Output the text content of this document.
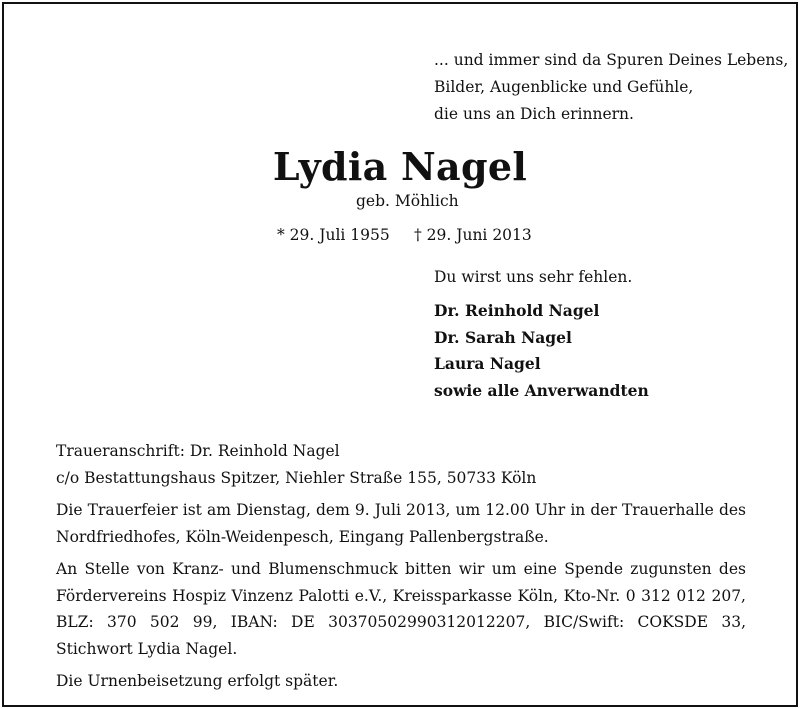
... und immer sind da Spuren Deines Lebens,
Bilder, Augenblicke und Gefühle,
die uns an Dich erinnern.
Lydia Nagel
geb. Möhlich
* 29. Juli 1955 † 29. Juni 2013
Du wirst uns sehr fehlen.
Dr. Reinhold Nagel
Dr. Sarah Nagel
Laura Nagel
sowie alle Anverwandten

Traueranschrift: Dr. Reinhold Nagel

c/o Bestattungshaus Spitzer, Niehler Straße 155, 50733 Köln

Die Trauerfeier ist am Dienstag, dem 9. Juli 2013, um 12.00 Uhr in der Trauerhalle des Nordfriedhofes, Köln-Weidenpesch, Eingang Pallenbergstraße.

An Stelle von Kranz- und Blumenschmuck bitten wir um eine Spende zugunsten des Fördervereins Hospiz Vinzenz Palotti e.V., Kreissparkasse Köln, Kto-Nr. 0 312 012 207, BLZ: 370 502 99, IBAN: DE 30370502990312012207, BIC/Swift: COKSDE 33, Stichwort Lydia Nagel.

Die Urnenbeisetzung erfolgt später.
